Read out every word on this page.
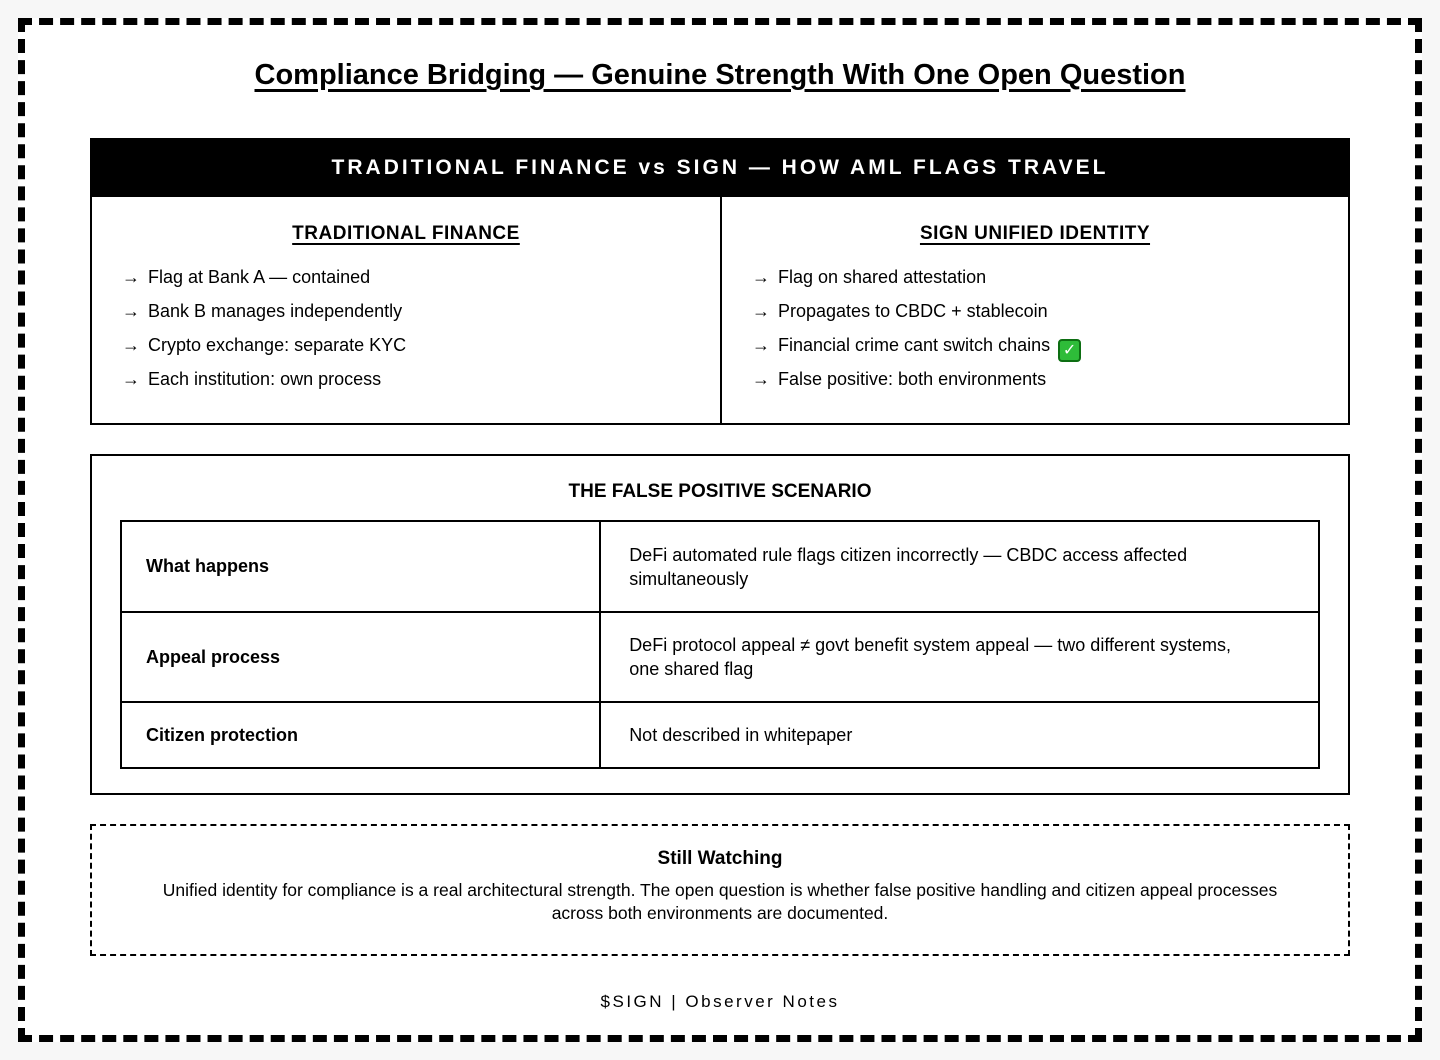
Compliance Bridging — Genuine Strength With One Open Question
TRADITIONAL FINANCE vs SIGN — HOW AML FLAGS TRAVEL
TRADITIONAL FINANCE
→ Flag at Bank A — contained
→ Bank B manages independently
→ Crypto exchange: separate KYC
→ Each institution: own process
SIGN UNIFIED IDENTITY
→ Flag on shared attestation
→ Propagates to CBDC + stablecoin
→ Financial crime cant switch chains ✓
→ False positive: both environments
THE FALSE POSITIVE SCENARIO
What happens	DeFi automated rule flags citizen incorrectly — CBDC access affected simultaneously
Appeal process	DeFi protocol appeal ≠ govt benefit system appeal — two different systems, one shared flag
Citizen protection	Not described in whitepaper
Still Watching

Unified identity for compliance is a real architectural strength. The open question is whether false positive handling and citizen appeal processes across both environments are documented.

$SIGN | Observer Notes
